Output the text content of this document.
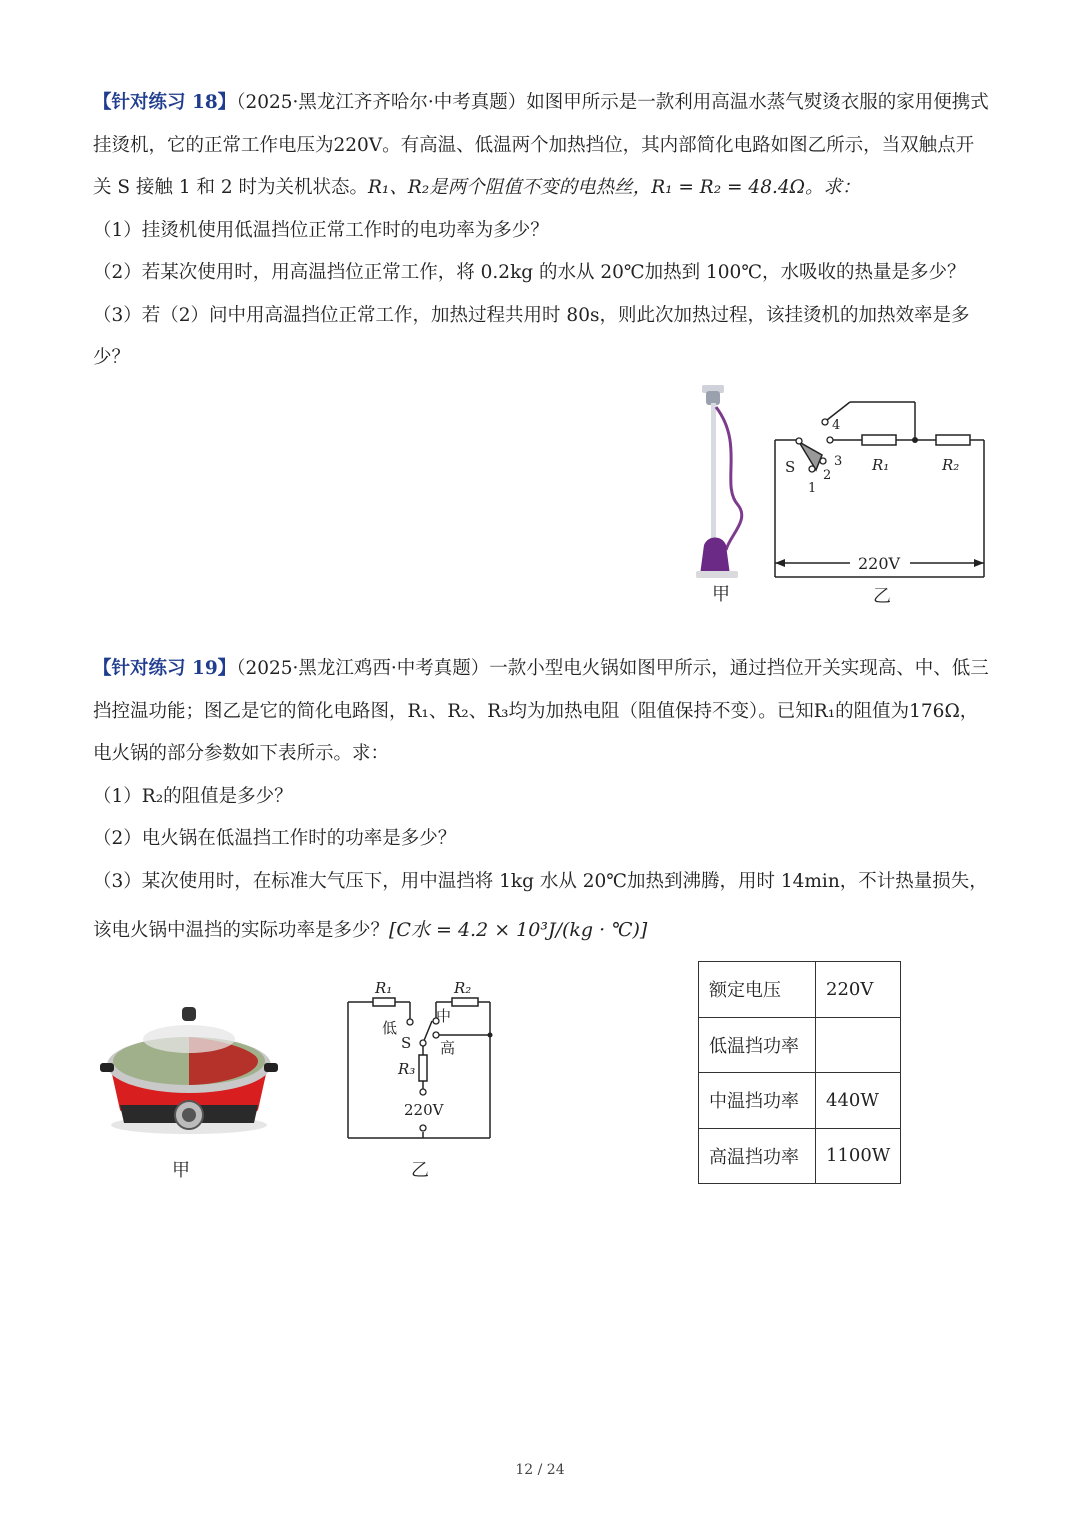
【针对练习 18】（2025·黑龙江齐齐哈尔·中考真题）如图甲所示是一款利用高温水蒸气熨烫衣服的家用便携式
挂烫机，它的正常工作电压为220V。有高温、低温两个加热挡位，其内部简化电路如图乙所示，当双触点开
关 S 接触 1 和 2 时为关机状态。R₁、R₂是两个阻值不变的电热丝，R₁ = R₂ = 48.4Ω。求：
（1）挂烫机使用低温挡位正常工作时的电功率为多少？
（2）若某次使用时，用高温挡位正常工作，将 0.2kg 的水从 20℃加热到 100℃，水吸收的热量是多少？
（3）若（2）问中用高温挡位正常工作，加热过程共用时 80s，则此次加热过程，该挂烫机的加热效率是多
少？
甲
S
1
2
3
4
R₁	R₂
220V
乙
【针对练习 19】（2025·黑龙江鸡西·中考真题）一款小型电火锅如图甲所示，通过挡位开关实现高、中、低三
挡控温功能；图乙是它的简化电路图，R₁、R₂、R₃均为加热电阻（阻值保持不变）。已知R₁的阻值为176Ω，
电火锅的部分参数如下表所示。求：
（1）R₂的阻值是多少？
（2）电火锅在低温挡工作时的功率是多少？
（3）某次使用时，在标准大气压下，用中温挡将 1kg 水从 20℃加热到沸腾，用时 14min，不计热量损失，
该电火锅中温挡的实际功率是多少？[C水 = 4.2 × 10³J/(kg · ℃)]
甲
R₁	R₂
低
中
高
S
R₃
220V
乙
额定电压	220V
低温挡功率	
中温挡功率	440W
高温挡功率	1100W
12 / 24
